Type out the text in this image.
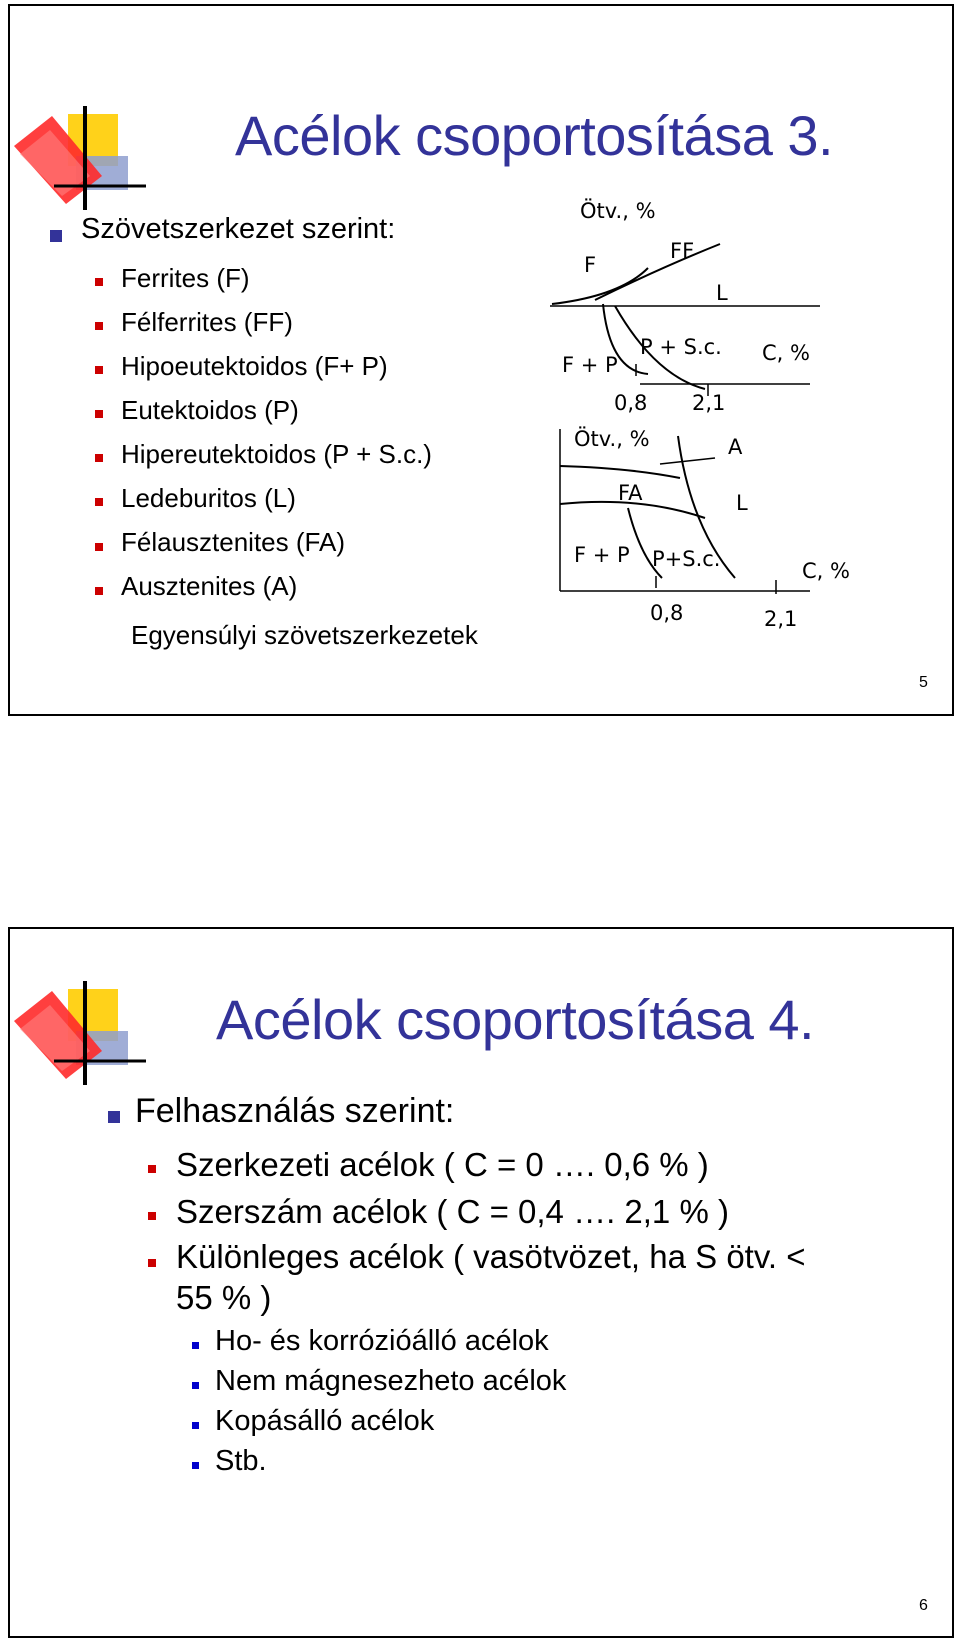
Acélok csoportosítása 3.
Szövetszerkezet szerint:
Ferrites (F)
Félferrites (FF)
Hipoeutektoidos (F+ P)
Eutektoidos (P)
Hipereutektoidos (P + S.c.)
Ledeburitos (L)
Félausztenites (FA)
Ausztenites (A)
Egyensúlyi szövetszerkezetek
Ötv., %
F
FF
L
F + P
P + S.c. C, %
0,8 2,1
Ötv., %	A
FA	L
F + P P+S.c.	C, %
0,8	2,1
5
Acélok csoportosítása 4.
Felhasználás szerint:
Szerkezeti acélok ( C = 0 …. 0,6 % )
Szerszám acélok ( C = 0,4 …. 2,1 % )
Különleges acélok ( vasötvözet, ha S ötv. <
55 % )
Ho- és korrózióálló acélok
Nem mágnesezheto acélok
Kopásálló acélok
Stb.
6
